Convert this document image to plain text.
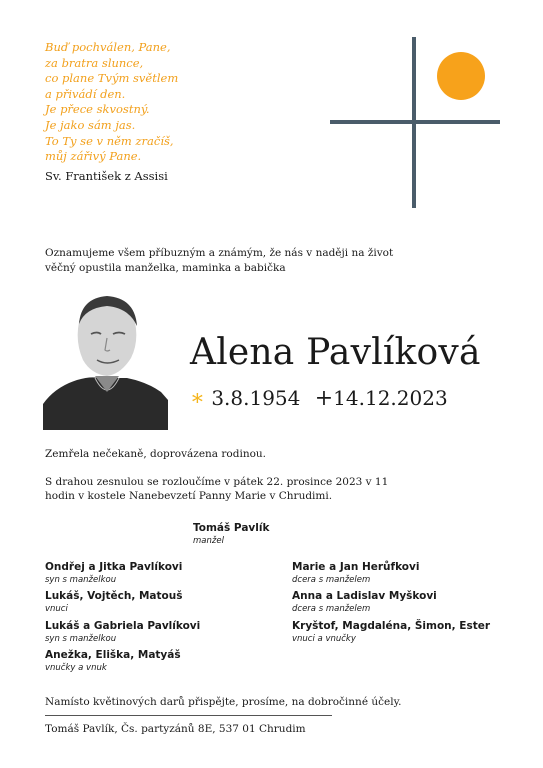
Buď pochválen, Pane,
za bratra slunce,
co plane Tvým světlem
a přivádí den.
Je přece skvostný.
Je jako sám jas.
To Ty se v něm zračíš,
můj zářivý Pane.
Sv. František z Assisi
Oznamujeme všem příbuzným a známým, že nás v naději na život věčný opustila manželka, maminka a babička
Alena Pavlíková
∗ 3.8.1954 +14.12.2023
Zemřela nečekaně, doprovázena rodinou.
S drahou zesnulou se rozloučíme v pátek 22. prosince 2023 v 11 hodin v kostele Nanebevzetí Panny Marie v Chrudimi.
Tomáš Pavlík
manžel
Ondřej a Jitka Pavlíkovi
syn s manželkou
Lukáš, Vojtěch, Matouš
vnuci
Lukáš a Gabriela Pavlíkovi
syn s manželkou
Anežka, Eliška, Matyáš
vnučky a vnuk
Marie a Jan Herůfkovi
dcera s manželem
Anna a Ladislav Myškovi
dcera s manželem
Kryštof, Magdaléna, Šimon, Ester
vnuci a vnučky
Namísto květinových darů přispějte, prosíme, na dobročinné účely.
Tomáš Pavlík, Čs. partyzánů 8E, 537 01 Chrudim
